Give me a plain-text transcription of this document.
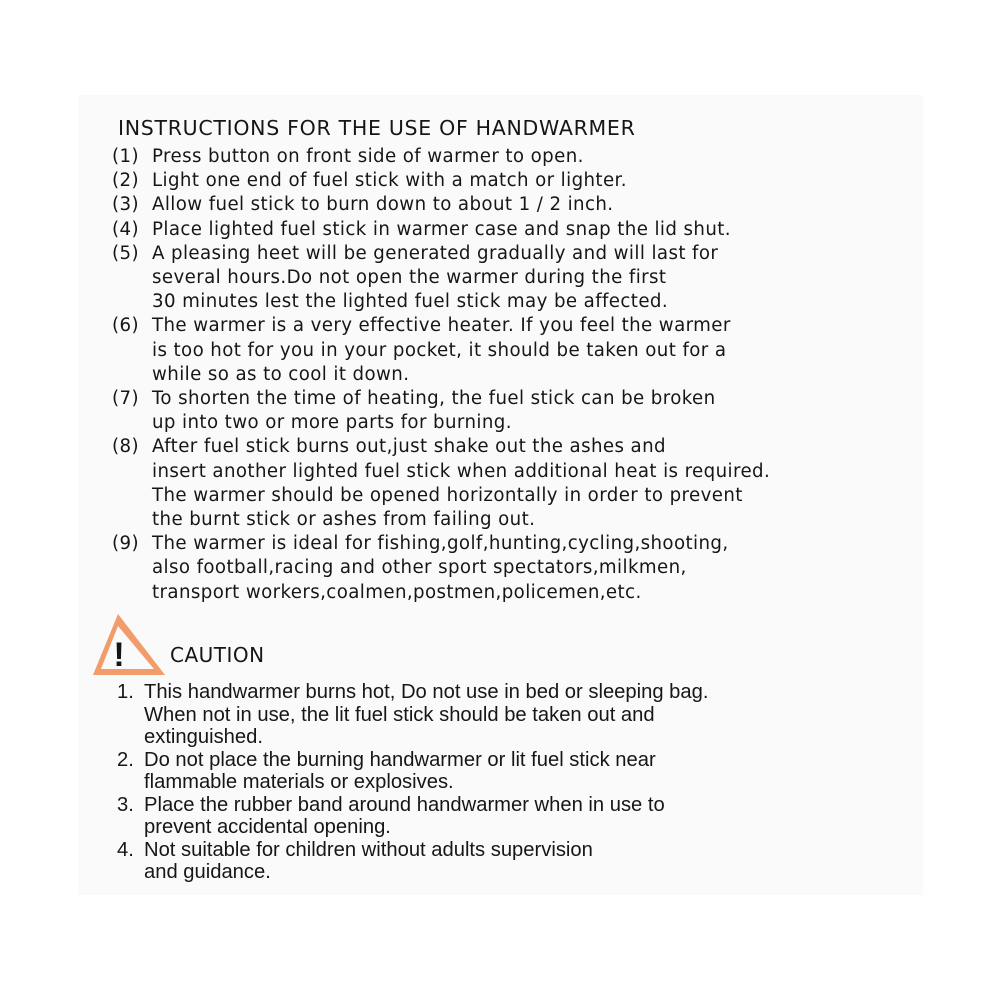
INSTRUCTIONS FOR THE USE OF HANDWARMER
(1) Press button on front side of warmer to open.
(2) Light one end of fuel stick with a match or lighter.
(3) Allow fuel stick to burn down to about 1 / 2 inch.
(4) Place lighted fuel stick in warmer case and snap the lid shut.
(5) A pleasing heet will be generated gradually and will last for
several hours.Do not open the warmer during the first
30 minutes lest the lighted fuel stick may be affected.
(6) The warmer is a very effective heater. If you feel the warmer
is too hot for you in your pocket, it should be taken out for a
while so as to cool it down.
(7) To shorten the time of heating, the fuel stick can be broken
up into two or more parts for burning.
(8) After fuel stick burns out,just shake out the ashes and
insert another lighted fuel stick when additional heat is required.
The warmer should be opened horizontally in order to prevent
the burnt stick or ashes from failing out.
(9) The warmer is ideal for fishing,golf,hunting,cycling,shooting,
also football,racing and other sport spectators,milkmen,
transport workers,coalmen,postmen,policemen,etc.
! CAUTION
1. This handwarmer burns hot, Do not use in bed or sleeping bag.
When not in use, the lit fuel stick should be taken out and
extinguished.
2. Do not place the burning handwarmer or lit fuel stick near
flammable materials or explosives.
3. Place the rubber band around handwarmer when in use to
prevent accidental opening.
4. Not suitable for children without adults supervision
and guidance.
